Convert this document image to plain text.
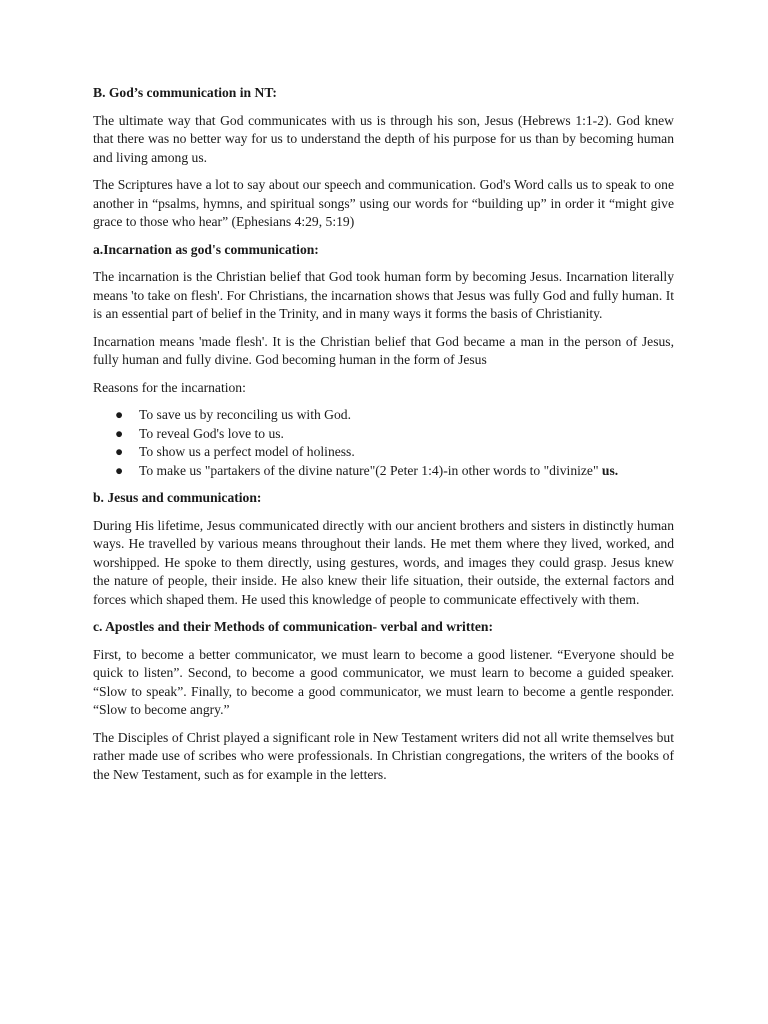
B. God’s communication in NT:

The ultimate way that God communicates with us is through his son, Jesus (Hebrews 1:1-2). God knew that there was no better way for us to understand the depth of his purpose for us than by becoming human and living among us.

The Scriptures have a lot to say about our speech and communication. God's Word calls us to speak to one another in “psalms, hymns, and spiritual songs” using our words for “building up” in order it “might give grace to those who hear” (Ephesians 4:29, 5:19)

a.Incarnation as god's communication:

The incarnation is the Christian belief that God took human form by becoming Jesus. Incarnation literally means 'to take on flesh'. For Christians, the incarnation shows that Jesus was fully God and fully human. It is an essential part of belief in the Trinity, and in many ways it forms the basis of Christianity.

Incarnation means 'made flesh'. It is the Christian belief that God became a man in the person of Jesus, fully human and fully divine. God becoming human in the form of Jesus

Reasons for the incarnation:

● To save us by reconciling us with God.
● To reveal God's love to us.
● To show us a perfect model of holiness.
● To make us "partakers of the divine nature"(2 Peter 1:4)-in other words to "divinize" us.
b. Jesus and communication:

During His lifetime, Jesus communicated directly with our ancient brothers and sisters in distinctly human ways. He travelled by various means throughout their lands. He met them where they lived, worked, and worshipped. He spoke to them directly, using gestures, words, and images they could grasp. Jesus knew the nature of people, their inside. He also knew their life situation, their outside, the external factors and forces which shaped them. He used this knowledge of people to communicate effectively with them.

c. Apostles and their Methods of communication- verbal and written:

First, to become a better communicator, we must learn to become a good listener. “Everyone should be quick to listen”. Second, to become a good communicator, we must learn to become a guided speaker. “Slow to speak”. Finally, to become a good communicator, we must learn to become a gentle responder. “Slow to become angry.”

The Disciples of Christ played a significant role in New Testament writers did not all write themselves but rather made use of scribes who were professionals. In Christian congregations, the writers of the books of the New Testament, such as for example in the letters.
